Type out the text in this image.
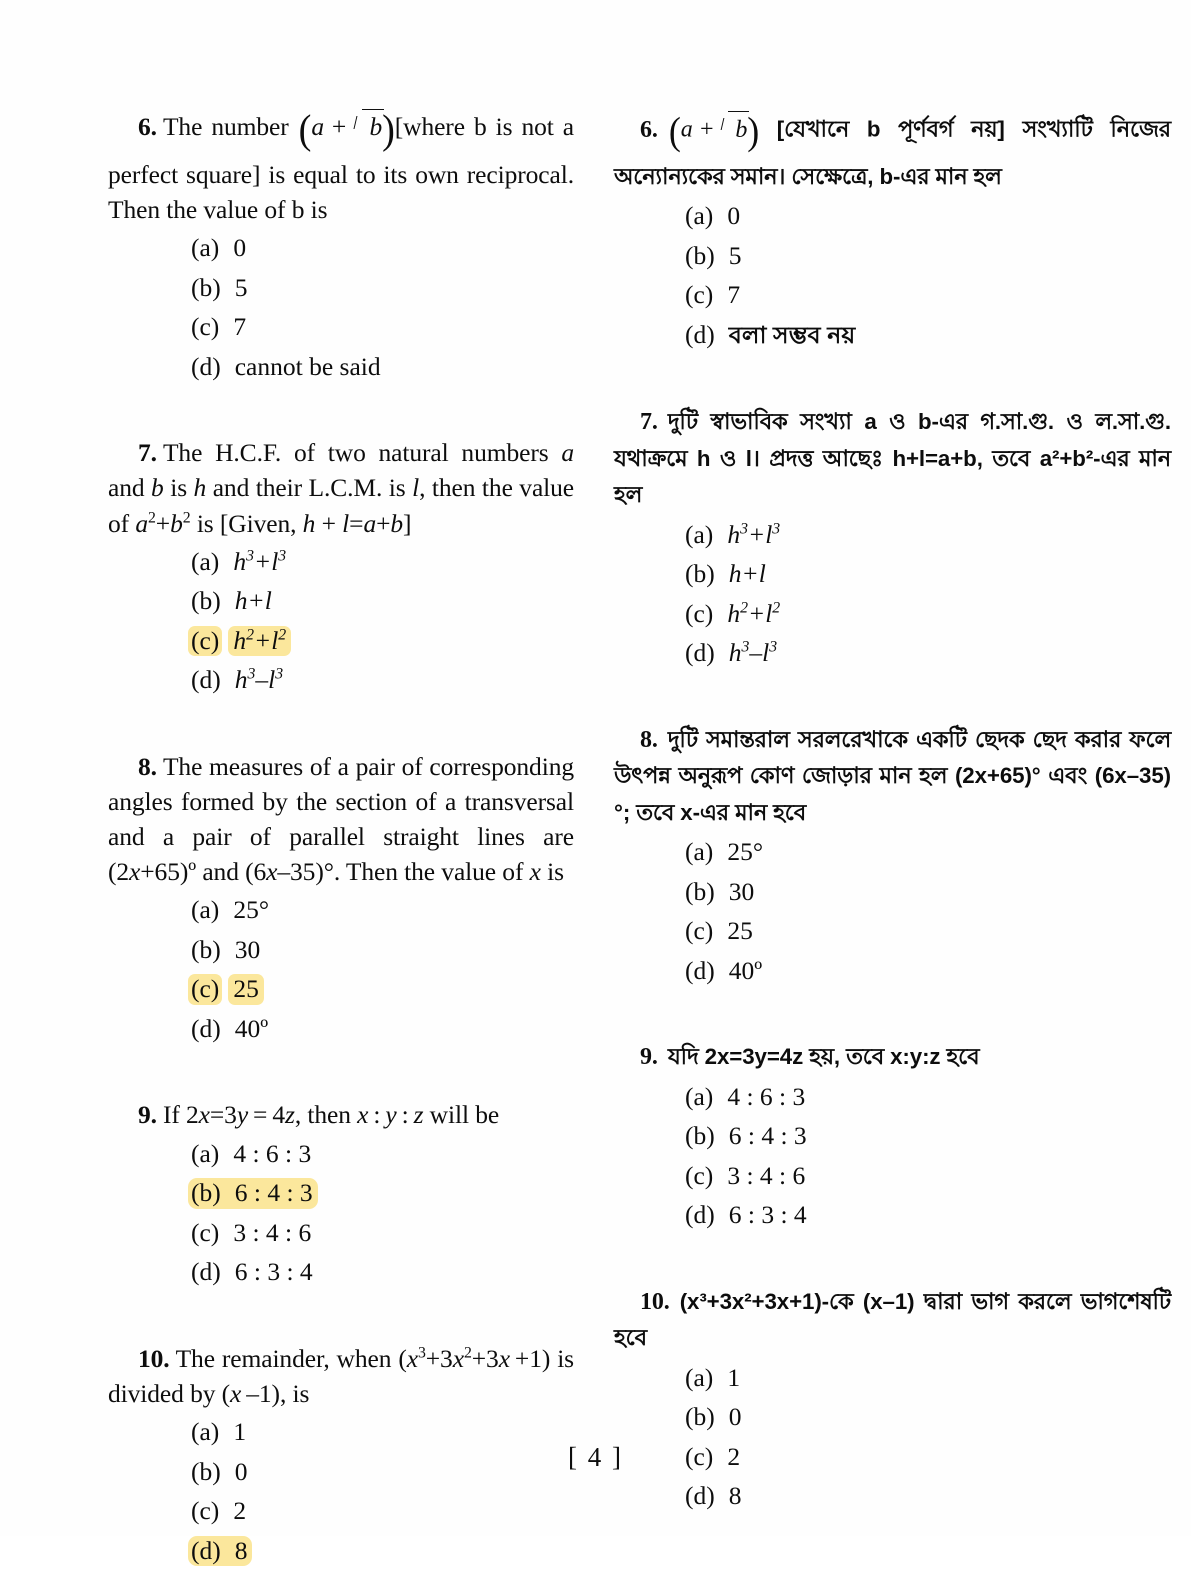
6. The number (a + b)[where b is not a perfect square] is equal to its own reciprocal. Then the value of b is
(a) 0
(b) 5
(c) 7
(d) cannot be said
7. The H.C.F. of two natural numbers a and b is h and their L.C.M. is l, then the value of $a^2+b^2$ is [Given, h + l=a+b]
(a) $h^3+l^3$
(b) h+l
(c) $h^2+l^2$
(d) $h^3-l^3$
8. The measures of a pair of corresponding angles formed by the section of a transversal and a pair of parallel straight lines are (2x+65)º and (6x–35)°. Then the value of x is
(a) 25°
(b) 30
(c) 25
(d) 40º
9. If 2x=3y = 4z, then x : y : z will be
(a) 4 : 6 : 3
(b) 6 : 4 : 3
(c) 3 : 4 : 6
(d) 6 : 3 : 4
10. The remainder, when $(x^3+3x^2+3x +1)$ is divided by (x –1), is
(a) 1
(b) 0
(c) 2
(d) 8
6. (a + b) [যেখানে b পূর্ণবর্গ নয়] সংখ্যাটি নিজের অন্যোন্যকের সমান। সেক্ষেত্রে, b-এর মান হল
(a) 0
(b) 5
(c) 7
(d) বলা সম্ভব নয়
7. দুটি স্বাভাবিক সংখ্যা a ও b-এর গ.সা.গু. ও ল.সা.গু. যথাক্রমে h ও l। প্রদত্ত আছেঃ h+l=a+b, তবে a²+b²-এর মান হল
(a) $h^3+l^3$
(b) h+l
(c) $h^2+l^2$
(d) $h^3-l^3$
8. দুটি সমান্তরাল সরলরেখাকে একটি ছেদক ছেদ করার ফলে উৎপন্ন অনুরূপ কোণ জোড়ার মান হল (2x+65)° এবং (6x–35)°; তবে x-এর মান হবে
(a) 25°
(b) 30
(c) 25
(d) 40º
9. যদি 2x=3y=4z হয়, তবে x:y:z হবে
(a) 4 : 6 : 3
(b) 6 : 4 : 3
(c) 3 : 4 : 6
(d) 6 : 3 : 4
10. (x³+3x²+3x+1)-কে (x–1) দ্বারা ভাগ করলে ভাগশেষটি হবে
(a) 1
(b) 0
(c) 2
(d) 8
[ 4 ]
